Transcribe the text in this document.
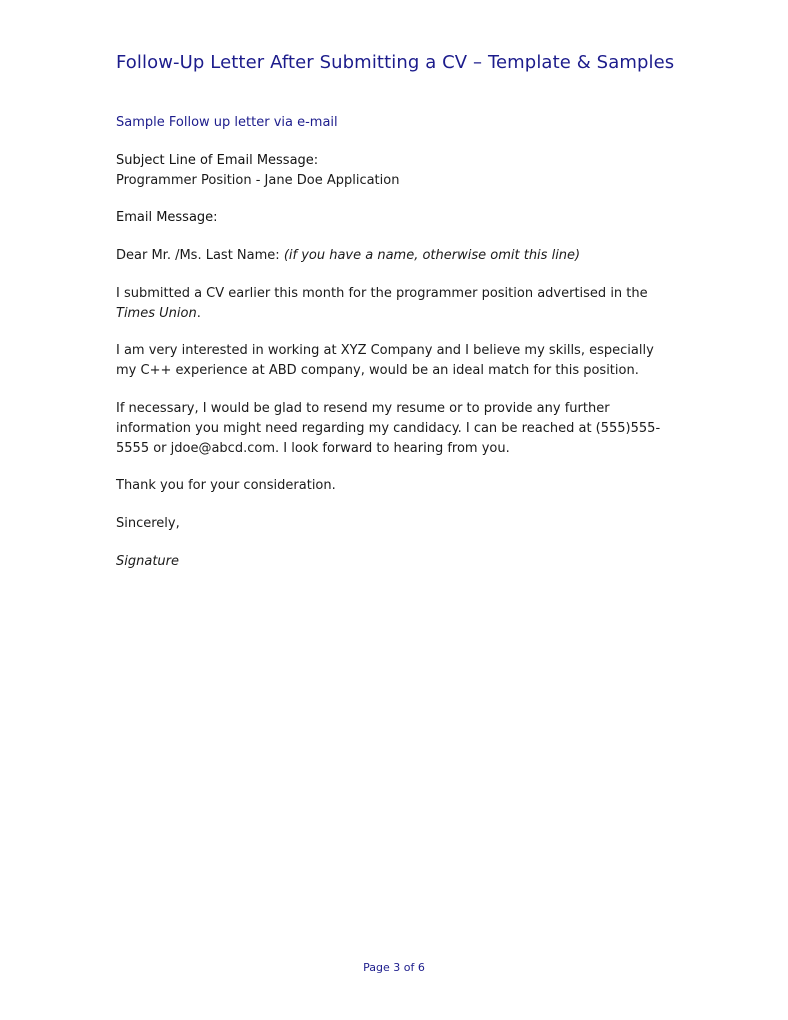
Follow-Up Letter After Submitting a CV – Template & Samples
Sample Follow up letter via e-mail

Subject Line of Email Message:

Programmer Position - Jane Doe Application

Email Message:

Dear Mr. /Ms. Last Name: (if you have a name, otherwise omit this line)

I submitted a CV earlier this month for the programmer position advertised in the Times Union.

I am very interested in working at XYZ Company and I believe my skills, especially my C++ experience at ABD company, would be an ideal match for this position.

If necessary, I would be glad to resend my resume or to provide any further information you might need regarding my candidacy. I can be reached at (555)555-5555 or jdoe@abcd.com. I look forward to hearing from you.

Thank you for your consideration.

Sincerely,

Signature

Page 3 of 6
